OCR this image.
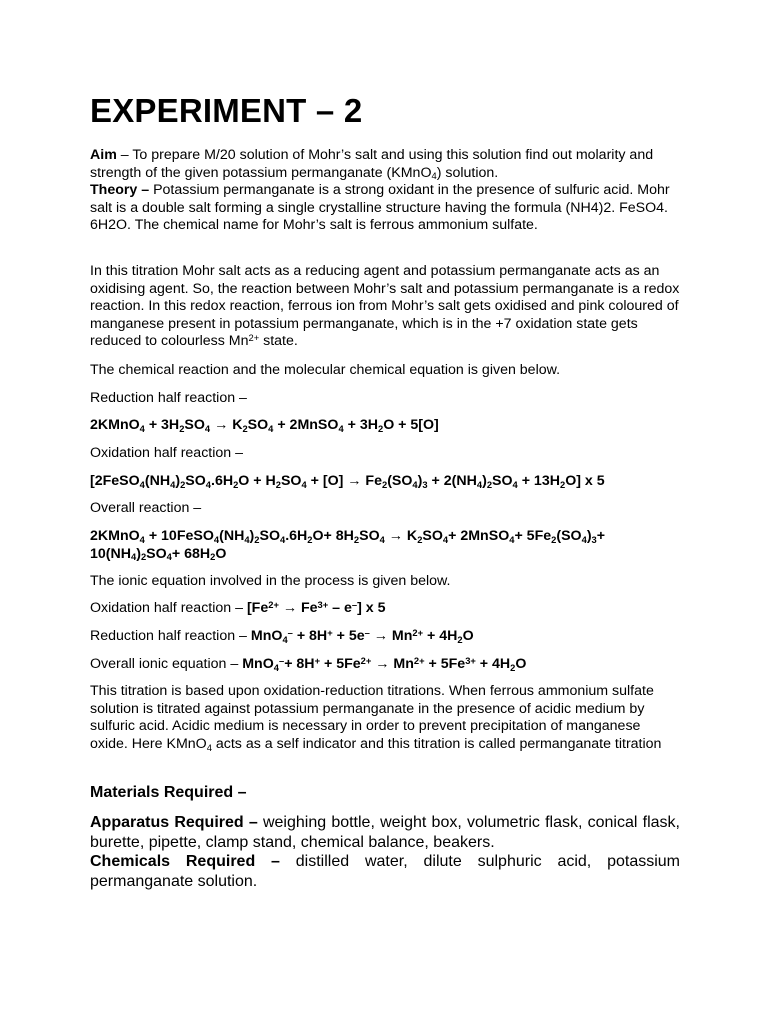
EXPERIMENT – 2
Aim – To prepare M/20 solution of Mohr’s salt and using this solution find out molarity and strength of the given potassium permanganate (KMnO$_4$) solution.
Theory – Potassium permanganate is a strong oxidant in the presence of sulfuric acid. Mohr salt is a double salt forming a single crystalline structure having the formula (NH4)2. FeSO4. 6H2O. The chemical name for Mohr’s salt is ferrous ammonium sulfate.
In this titration Mohr salt acts as a reducing agent and potassium permanganate acts as an oxidising agent. So, the reaction between Mohr’s salt and potassium permanganate is a redox reaction. In this redox reaction, ferrous ion from Mohr’s salt gets oxidised and pink coloured of manganese present in potassium permanganate, which is in the +7 oxidation state gets reduced to colourless $Mn^{2+}$ state.
The chemical reaction and the molecular chemical equation is given below.
Reduction half reaction –
2KMnO$_4$ + $3H_2SO_4 \to K_2SO_4$ + 2MnSO$_4$ + $3H_2O + 5[O]$
Oxidation half reaction –
$[2FeSO_4(NH_4)_2SO_4.6H_2O + H_2SO_4 + [O] \to Fe_2(SO_4)_3 + 2(NH_4)_2SO_4 + 13H_2O]$ x 5
Overall reaction –
2KMnO$_4$ + $10FeSO_4(NH_4)_2SO_4.6H_2O+ 8H_2SO_4 \to K_2SO_4+$ 2MnSO$_4$+ $5Fe_2(SO_4)_3+$
$10(NH_4)_2SO_4+ 68H_2O$
The ionic equation involved in the process is given below.
Oxidation half reaction – $[Fe^{2+} \to Fe^{3+} - e^-]$ x 5
Reduction half reaction – $MnO_4^- + 8H^+ + 5e^- \to Mn^{2+} + 4H_2O$
Overall ionic equation – $MnO_4^-+ 8H^+ + 5Fe^{2+} \to Mn^{2+} + 5Fe^{3+} + 4H_2O$
This titration is based upon oxidation-reduction titrations. When ferrous ammonium sulfate solution is titrated against potassium permanganate in the presence of acidic medium by sulfuric acid. Acidic medium is necessary in order to prevent precipitation of manganese oxide. Here KMnO$_4$ acts as a self indicator and this titration is called permanganate titration
Materials Required –
Apparatus Required – weighing bottle, weight box, volumetric flask, conical flask, burette, pipette, clamp stand, chemical balance, beakers.
Chemicals Required – distilled water, dilute sulphuric acid, potassium permanganate solution.
